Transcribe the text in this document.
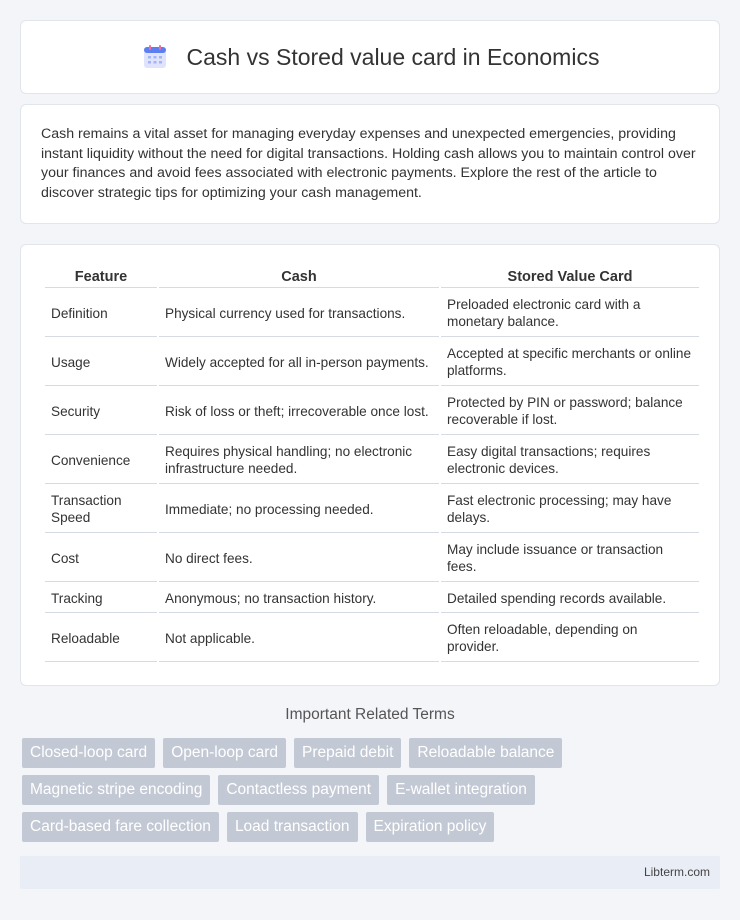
Cash vs Stored value card in Economics

Cash remains a vital asset for managing everyday expenses and unexpected emergencies, providing instant liquidity without the need for digital transactions. Holding cash allows you to maintain control over your finances and avoid fees associated with electronic payments. Explore the rest of the article to discover strategic tips for optimizing your cash management.

Feature	Cash	Stored Value Card
Definition	Physical currency used for transactions.	Preloaded electronic card with a monetary balance.
Usage	Widely accepted for all in-person payments.	Accepted at specific merchants or online platforms.
Security	Risk of loss or theft; irrecoverable once lost.	Protected by PIN or password; balance recoverable if lost.
Convenience	Requires physical handling; no electronic infrastructure needed.	Easy digital transactions; requires electronic devices.
Transaction Speed	Immediate; no processing needed.	Fast electronic processing; may have delays.
Cost	No direct fees.	May include issuance or transaction fees.
Tracking	Anonymous; no transaction history.	Detailed spending records available.
Reloadable	Not applicable.	Often reloadable, depending on provider.
Important Related Terms
Closed-loop card	Open-loop card	Prepaid debit	Reloadable balance
Magnetic stripe encoding	Contactless payment	E-wallet integration
Card-based fare collection	Load transaction	Expiration policy
Libterm.com
